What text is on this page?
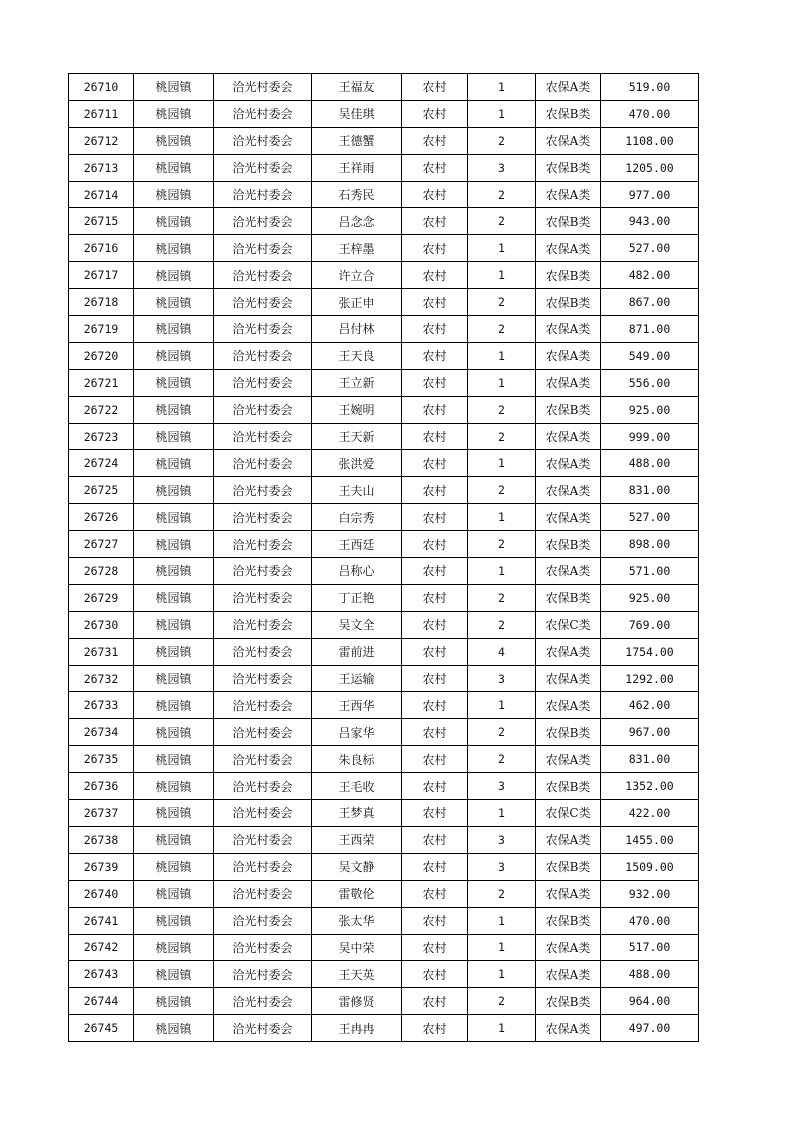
26710	桃园镇	洽光村委会	王福友	农村	1	农保A类	519.00
26711	桃园镇	洽光村委会	吴佳琪	农村	1	农保B类	470.00
26712	桃园镇	洽光村委会	王德蟹	农村	2	农保A类	1108.00
26713	桃园镇	洽光村委会	王祥雨	农村	3	农保B类	1205.00
26714	桃园镇	洽光村委会	石秀民	农村	2	农保A类	977.00
26715	桃园镇	洽光村委会	吕念念	农村	2	农保B类	943.00
26716	桃园镇	洽光村委会	王梓墨	农村	1	农保A类	527.00
26717	桃园镇	洽光村委会	许立合	农村	1	农保B类	482.00
26718	桃园镇	洽光村委会	张正申	农村	2	农保B类	867.00
26719	桃园镇	洽光村委会	吕付林	农村	2	农保A类	871.00
26720	桃园镇	洽光村委会	王天良	农村	1	农保A类	549.00
26721	桃园镇	洽光村委会	王立新	农村	1	农保A类	556.00
26722	桃园镇	洽光村委会	王婉明	农村	2	农保B类	925.00
26723	桃园镇	洽光村委会	王天新	农村	2	农保A类	999.00
26724	桃园镇	洽光村委会	张洪爱	农村	1	农保A类	488.00
26725	桃园镇	洽光村委会	王夫山	农村	2	农保A类	831.00
26726	桃园镇	洽光村委会	白宗秀	农村	1	农保A类	527.00
26727	桃园镇	洽光村委会	王西廷	农村	2	农保B类	898.00
26728	桃园镇	洽光村委会	吕称心	农村	1	农保A类	571.00
26729	桃园镇	洽光村委会	丁正艳	农村	2	农保B类	925.00
26730	桃园镇	洽光村委会	吴文全	农村	2	农保C类	769.00
26731	桃园镇	洽光村委会	雷前进	农村	4	农保A类	1754.00
26732	桃园镇	洽光村委会	王运输	农村	3	农保A类	1292.00
26733	桃园镇	洽光村委会	王西华	农村	1	农保A类	462.00
26734	桃园镇	洽光村委会	吕家华	农村	2	农保B类	967.00
26735	桃园镇	洽光村委会	朱良标	农村	2	农保A类	831.00
26736	桃园镇	洽光村委会	王毛收	农村	3	农保B类	1352.00
26737	桃园镇	洽光村委会	王梦真	农村	1	农保C类	422.00
26738	桃园镇	洽光村委会	王西荣	农村	3	农保A类	1455.00
26739	桃园镇	洽光村委会	吴文静	农村	3	农保B类	1509.00
26740	桃园镇	洽光村委会	雷敬伦	农村	2	农保A类	932.00
26741	桃园镇	洽光村委会	张太华	农村	1	农保B类	470.00
26742	桃园镇	洽光村委会	吴中荣	农村	1	农保A类	517.00
26743	桃园镇	洽光村委会	王天英	农村	1	农保A类	488.00
26744	桃园镇	洽光村委会	雷修贤	农村	2	农保B类	964.00
26745	桃园镇	洽光村委会	王冉冉	农村	1	农保A类	497.00
